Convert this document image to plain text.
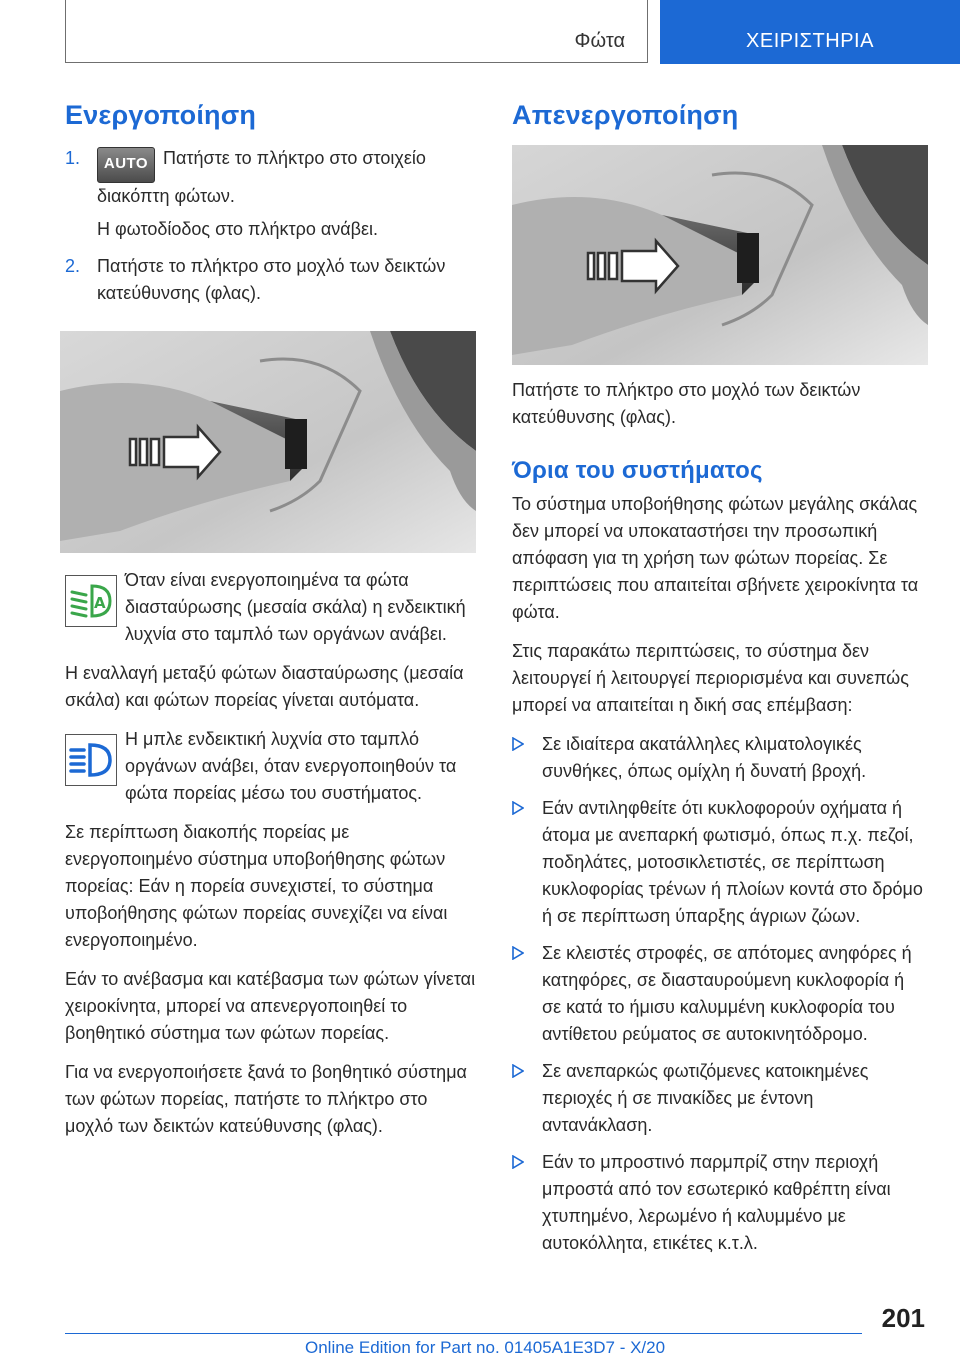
Φώτα	ΧΕΙΡΙΣΤΗΡΙΑ
Ενεργοποίηση
1.	AUTO Πατήστε το πλήκτρο στο στοιχείο διακόπτη φώτων.

Η φωτοδίοδος στο πλήκτρο ανάβει.

2. Πατήστε το πλήκτρο στο μοχλό των δεικτών κατεύθυνσης (φλας).

A

Όταν είναι ενεργοποιημένα τα φώτα διασταύρωσης (μεσαία σκάλα) η ενδεικτική λυχνία στο ταμπλό των οργάνων ανάβει.

Η εναλλαγή μεταξύ φώτων διασταύρωσης (μεσαία σκάλα) και φώτων πορείας γίνεται αυτόματα.

Η μπλε ενδεικτική λυχνία στο ταμπλό οργάνων ανάβει, όταν ενεργοποιηθούν τα φώτα πορείας μέσω του συστήματος.

Σε περίπτωση διακοπής πορείας με ενεργοποιημένο σύστημα υποβοήθησης φώτων πορείας: Εάν η πορεία συνεχιστεί, το σύστημα υποβοήθησης φώτων πορείας συνεχίζει να είναι ενεργοποιημένο.

Εάν το ανέβασμα και κατέβασμα των φώτων γίνεται χειροκίνητα, μπορεί να απενεργοποιηθεί το βοηθητικό σύστημα των φώτων πορείας.

Για να ενεργοποιήσετε ξανά το βοηθητικό σύστημα των φώτων πορείας, πατήστε το πλήκτρο στο μοχλό των δεικτών κατεύθυνσης (φλας).

Απενεργοποίηση

Πατήστε το πλήκτρο στο μοχλό των δεικτών κατεύθυνσης (φλας).

Όρια του συστήματος

Το σύστημα υποβοήθησης φώτων μεγάλης σκάλας δεν μπορεί να υποκαταστήσει την προσωπική απόφαση για τη χρήση των φώτων πορείας. Σε περιπτώσεις που απαιτείται σβήνετε χειροκίνητα τα φώτα.

Στις παρακάτω περιπτώσεις, το σύστημα δεν λειτουργεί ή λειτουργεί περιορισμένα και συνεπώς μπορεί να απαιτείται η δική σας επέμβαση:

Σε ιδιαίτερα ακατάλληλες κλιματολογικές συνθήκες, όπως ομίχλη ή δυνατή βροχή.

Εάν αντιληφθείτε ότι κυκλοφορούν οχήματα ή άτομα με ανεπαρκή φωτισμό, όπως π.χ. πεζοί, ποδηλάτες, μοτοσικλετιστές, σε περίπτωση κυκλοφορίας τρένων ή πλοίων κοντά στο δρόμο ή σε περίπτωση ύπαρξης άγριων ζώων.

Σε κλειστές στροφές, σε απότομες ανηφόρες ή κατηφόρες, σε διασταυρούμενη κυκλοφορία ή σε κατά το ήμισυ καλυμμένη κυκλοφορία του αντίθετου ρεύματος σε αυτοκινητόδρομο.

Σε ανεπαρκώς φωτιζόμενες κατοικημένες περιοχές ή σε πινακίδες με έντονη αντανάκλαση.

Εάν το μπροστινό παρμπρίζ στην περιοχή μπροστά από τον εσωτερικό καθρέπτη είναι χτυπημένο, λερωμένο ή καλυμμένο με αυτοκόλλητα, ετικέτες κ.τ.λ.

201
Online Edition for Part no. 01405A1E3D7 - X/20
